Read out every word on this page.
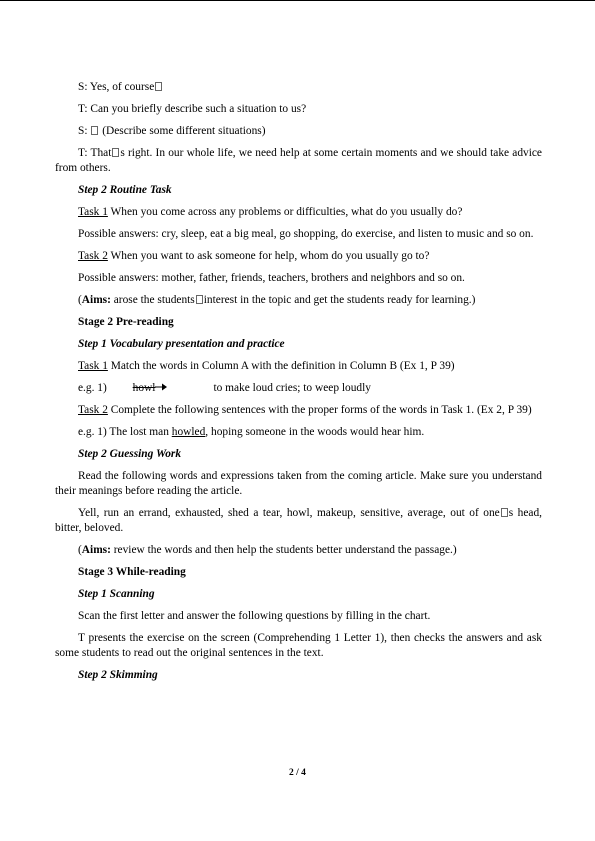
S: Yes, of course

T: Can you briefly describe such a situation to us?

S:  (Describe some different situations)

T: That s right. In our whole life, we need help at some certain moments and we should take advice from others.

Step 2 Routine Task

Task 1 When you come across any problems or difficulties, what do you usually do?

Possible answers: cry, sleep, eat a big meal, go shopping, do exercise, and listen to music and so on.

Task 2 When you want to ask someone for help, whom do you usually go to?

Possible answers: mother, father, friends, teachers, brothers and neighbors and so on.

(Aims: arose the students interest in the topic and get the students ready for learning.)

Stage 2 Pre-reading

Step 1 Vocabulary presentation and practice

Task 1 Match the words in Column A with the definition in Column B (Ex 1, P 39)

e.g. 1) howl	to make loud cries; to weep loudly

Task 2 Complete the following sentences with the proper forms of the words in Task 1. (Ex 2, P 39)

e.g. 1) The lost man howled, hoping someone in the woods would hear him.

Step 2 Guessing Work

Read the following words and expressions taken from the coming article. Make sure you understand their meanings before reading the article.

Yell, run an errand, exhausted, shed a tear, howl, makeup, sensitive, average, out of one s head, bitter, beloved.

(Aims: review the words and then help the students better understand the passage.)

Stage 3 While-reading

Step 1 Scanning

Scan the first letter and answer the following questions by filling in the chart.

T presents the exercise on the screen (Comprehending 1 Letter 1), then checks the answers and ask some students to read out the original sentences in the text.

Step 2 Skimming

2 / 4
